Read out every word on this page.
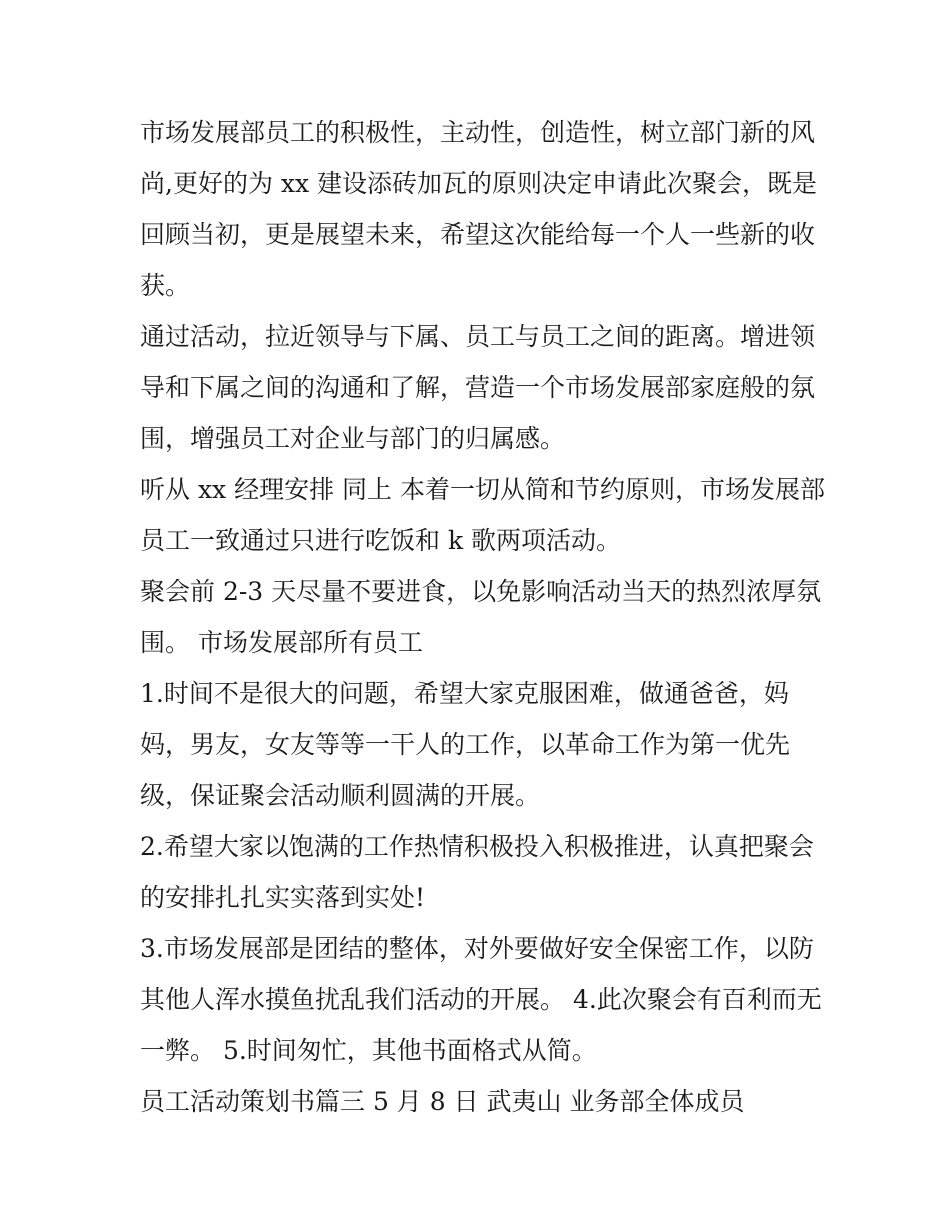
市场发展部员工的积极性，主动性，创造性，树立部门新的风
尚,更好的为 xx 建设添砖加瓦的原则决定申请此次聚会，既是
回顾当初，更是展望未来，希望这次能给每一个人一些新的收
获。

通过活动，拉近领导与下属、员工与员工之间的距离。增进领
导和下属之间的沟通和了解，营造一个市场发展部家庭般的氛
围，增强员工对企业与部门的归属感。

听从 xx 经理安排 同上 本着一切从简和节约原则，市场发展部
员工一致通过只进行吃饭和 k 歌两项活动。

聚会前 2-3 天尽量不要进食，以免影响活动当天的热烈浓厚氛
围。 市场发展部所有员工

1.时间不是很大的问题，希望大家克服困难，做通爸爸，妈
妈，男友，女友等等一干人的工作，以革命工作为第一优先
级，保证聚会活动顺利圆满的开展。

2.希望大家以饱满的工作热情积极投入积极推进，认真把聚会
的安排扎扎实实落到实处!

3.市场发展部是团结的整体，对外要做好安全保密工作，以防
其他人浑水摸鱼扰乱我们活动的开展。 4.此次聚会有百利而无
一弊。 5.时间匆忙，其他书面格式从简。

员工活动策划书篇三 5 月 8 日 武夷山 业务部全体成员
